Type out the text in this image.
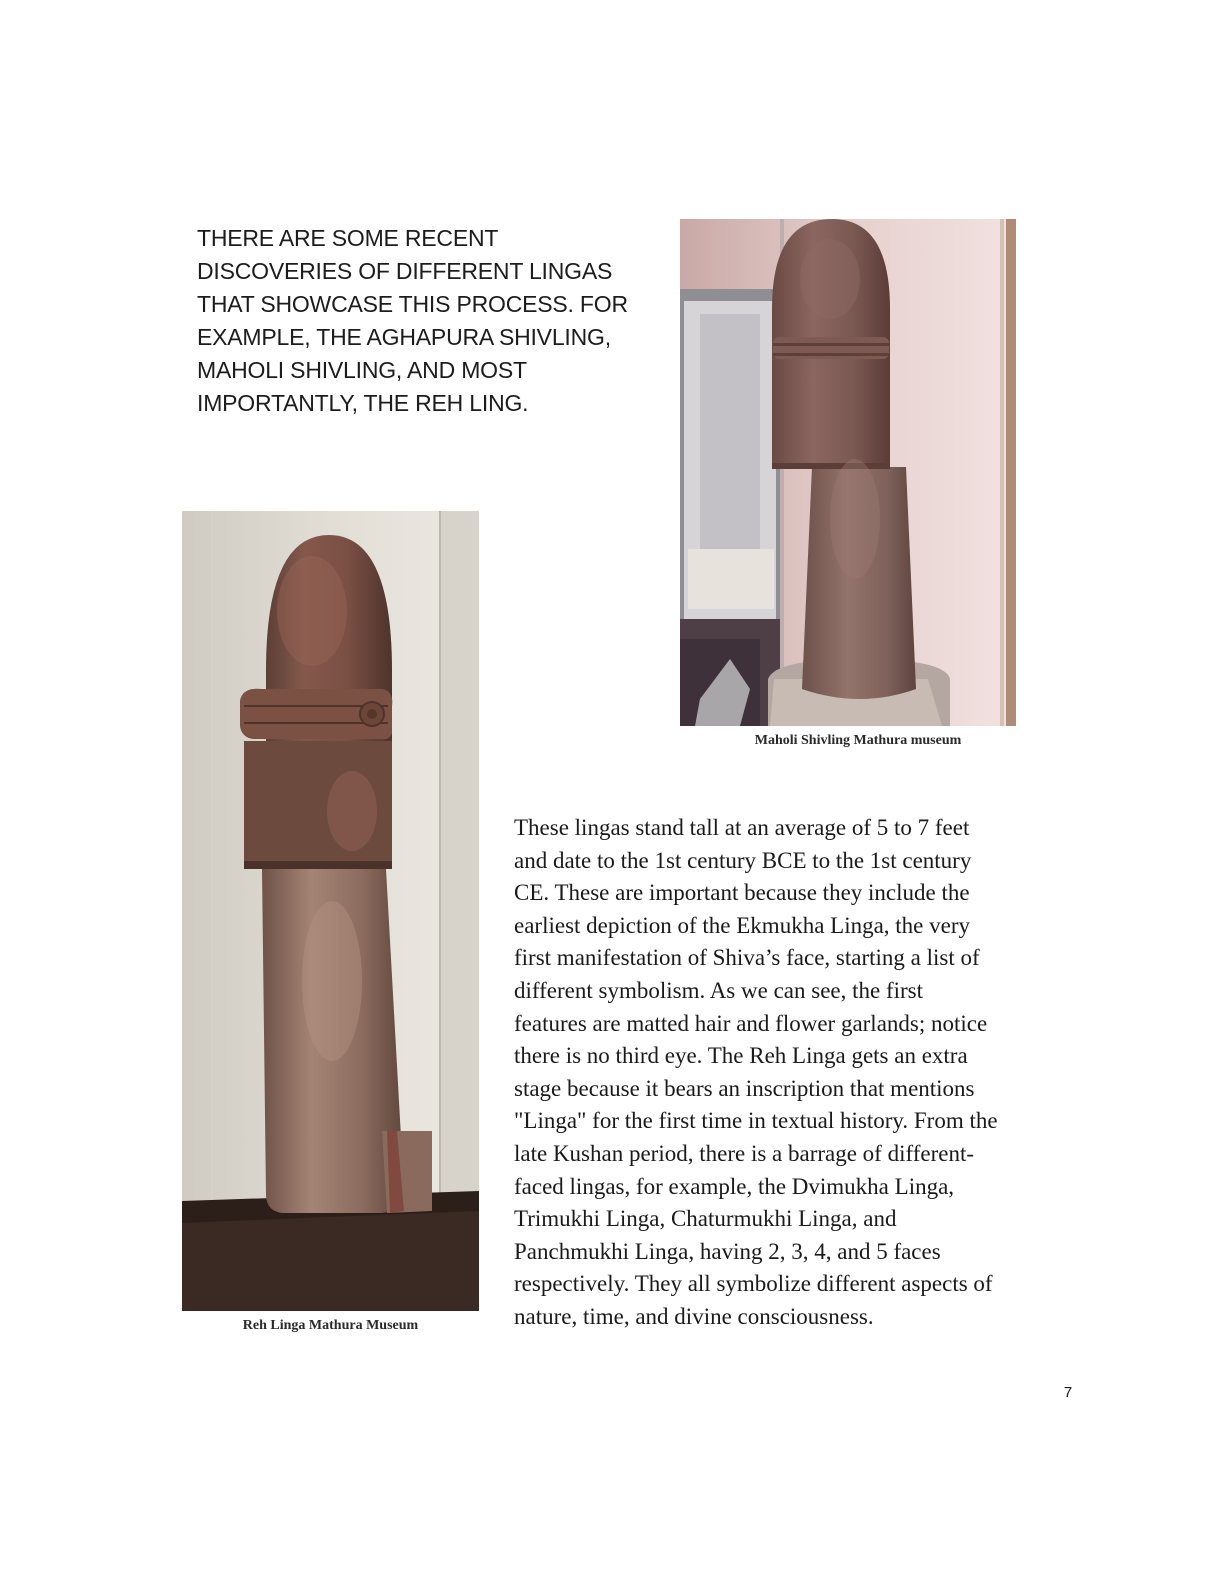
THERE ARE SOME RECENT DISCOVERIES OF DIFFERENT LINGAS THAT SHOWCASE THIS PROCESS. FOR EXAMPLE, THE AGHAPURA SHIVLING, MAHOLI SHIVLING, AND MOST IMPORTANTLY, THE REH LING.

Maholi Shivling Mathura museum
Reh Linga Mathura Museum
These lingas stand tall at an average of 5 to 7 feet
and date to the 1st century BCE to the 1st century
CE. These are important because they include the
earliest depiction of the Ekmukha Linga, the very
first manifestation of Shiva’s face, starting a list of
different symbolism. As we can see, the first
features are matted hair and flower garlands; notice
there is no third eye. The Reh Linga gets an extra
stage because it bears an inscription that mentions
"Linga" for the first time in textual history. From the
late Kushan period, there is a barrage of different-
faced lingas, for example, the Dvimukha Linga,
Trimukhi Linga, Chaturmukhi Linga, and
Panchmukhi Linga, having 2, 3, 4, and 5 faces
respectively. They all symbolize different aspects of
nature, time, and divine consciousness.
7
